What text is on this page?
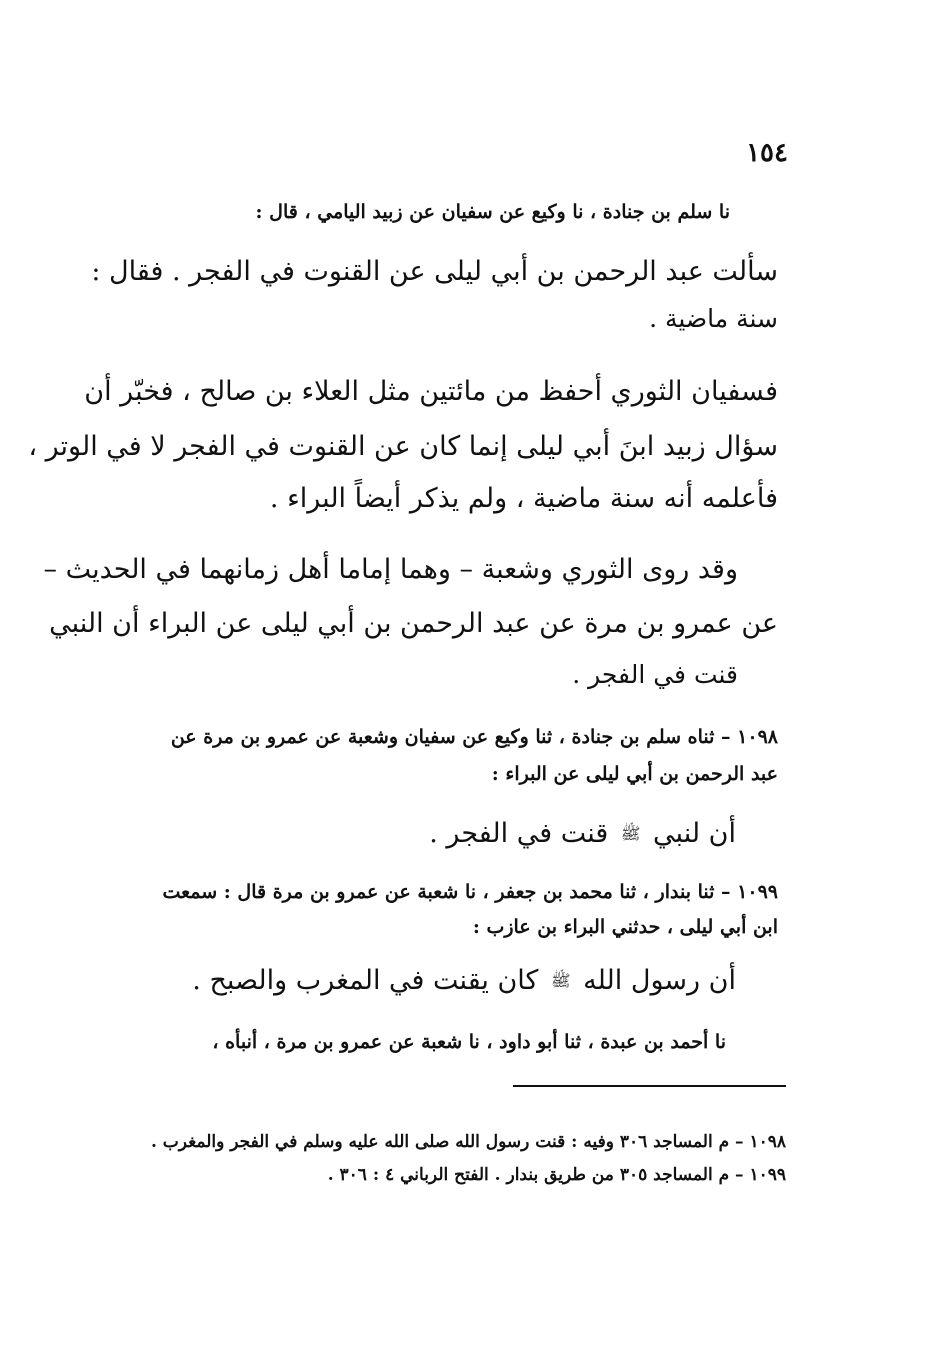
١٥٤
نا سلم بن جنادة ، نا وكيع عن سفيان عن زبيد اليامي ، قال :
سألت عبد الرحمن بن أبي ليلى عن القنوت في الفجر . فقال :
سنة ماضية .
فسفيان الثوري أحفظ من مائتين مثل العلاء بن صالح ، فخبّر أن
سؤال زبيد ابنَ أبي ليلى إنما كان عن القنوت في الفجر لا في الوتر ،
فأعلمه أنه سنة ماضية ، ولم يذكر أيضاً البراء .
وقد روى الثوري وشعبة – وهما إماما أهل زمانهما في الحديث –
عن عمرو بن مرة عن عبد الرحمن بن أبي ليلى عن البراء أن النبي
قنت في الفجر .
١٠٩٨ – ثناه سلم بن جنادة ، ثنا وكيع عن سفيان وشعبة عن عمرو بن مرة عن
عبد الرحمن بن أبي ليلى عن البراء :
أن لنبي ﷺ قنت في الفجر .
١٠٩٩ – ثنا بندار ، ثنا محمد بن جعفر ، نا شعبة عن عمرو بن مرة قال : سمعت
ابن أبي ليلى ، حدثني البراء بن عازب :
أن رسول الله ﷺ كان يقنت في المغرب والصبح .
نا أحمد بن عبدة ، ثنا أبو داود ، نا شعبة عن عمرو بن مرة ، أنبأه ،
١٠٩٨ – م المساجد ٣٠٦ وفيه : قنت رسول الله صلى الله عليه وسلم في الفجر والمغرب .
١٠٩٩ – م المساجد ٣٠٥ من طريق بندار . الفتح الرباني ٤ : ٣٠٦ .
